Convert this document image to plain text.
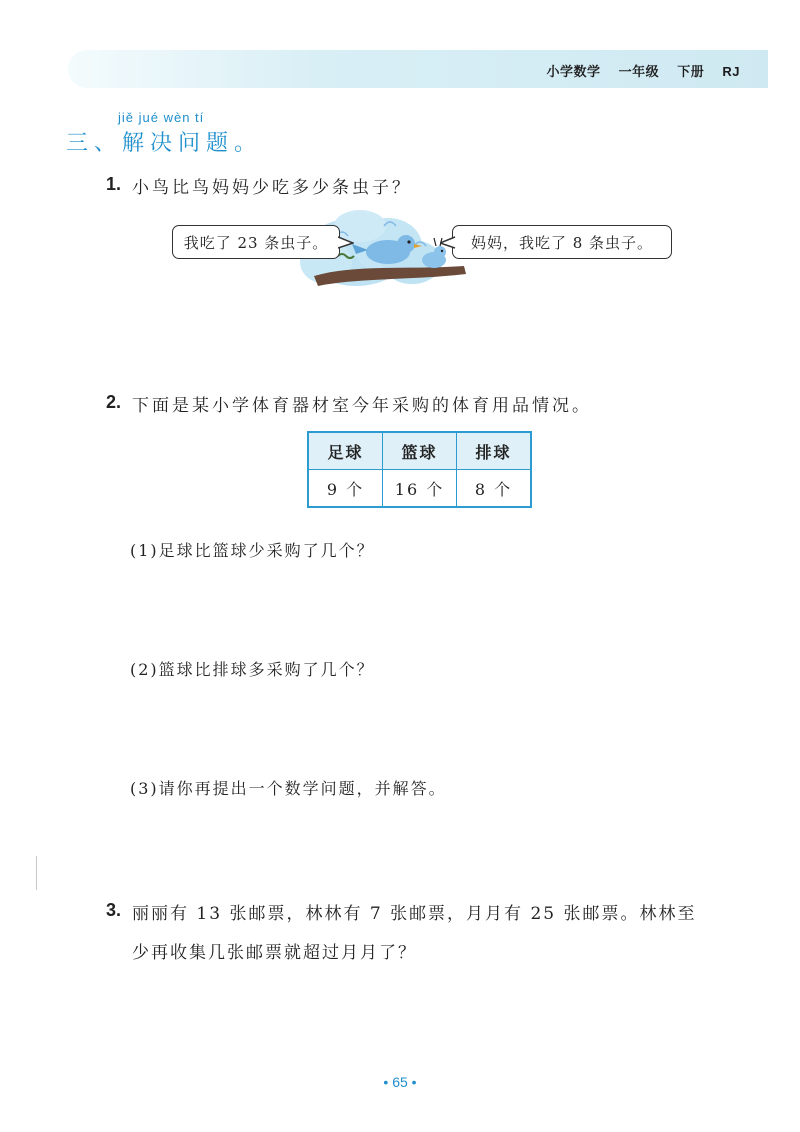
小学数学 一年级 下册 RJ
jiě jué wèn tí
三、解决问题。
1. 小鸟比鸟妈妈少吃多少条虫子？
我吃了 23 条虫子。	妈妈，我吃了 8 条虫子。
2. 下面是某小学体育器材室今年采购的体育用品情况。
足球	篮球	排球
9 个	16 个	8 个
(1)足球比篮球少采购了几个？
(2)篮球比排球多采购了几个？
(3)请你再提出一个数学问题，并解答。
3. 丽丽有 13 张邮票，林林有 7 张邮票，月月有 25 张邮票。林林至
少再收集几张邮票就超过月月了？
• 65 •
